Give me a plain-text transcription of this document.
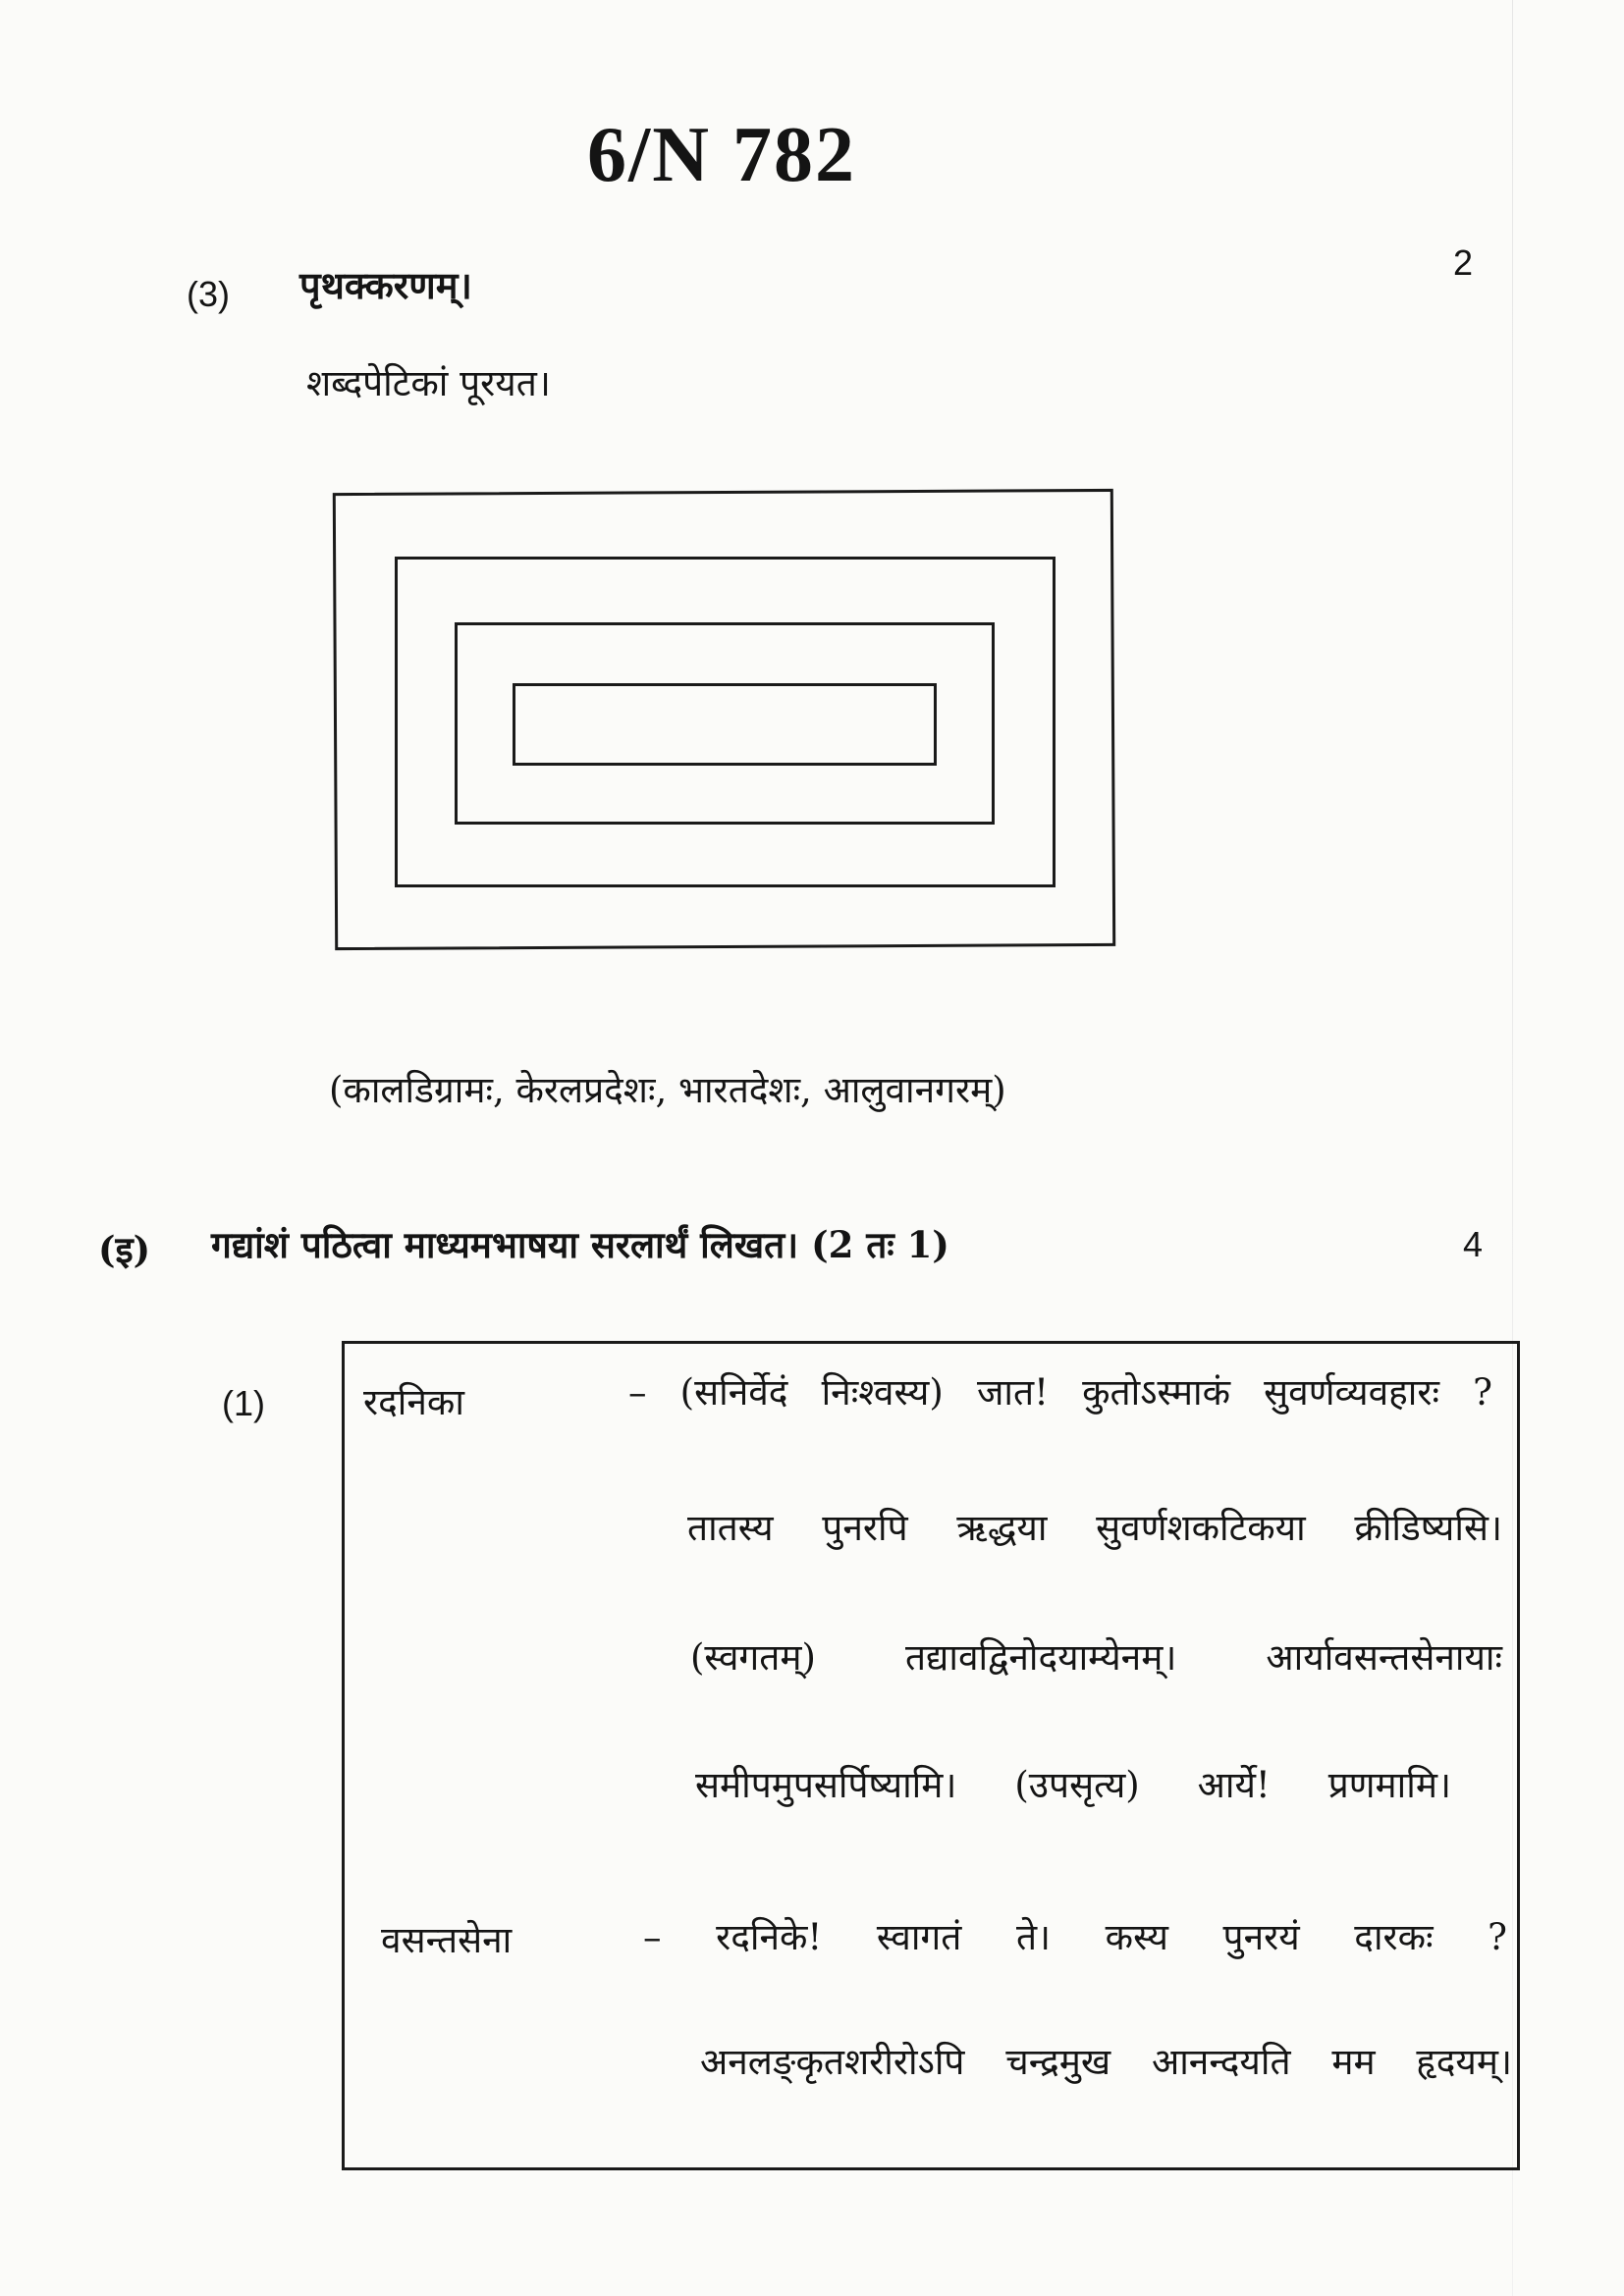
6/N 782
(3) पृथक्करणम्।
2
शब्दपेटिकां पूरयत।
(कालडिग्रामः, केरलप्रदेशः, भारतदेशः, आलुवानगरम्)
(इ) गद्यांशं पठित्वा माध्यमभाषया सरलार्थं लिखत। (2 तः 1)	4
(1)	रदनिका	– (सनिर्वेदं निःश्वस्य) जात! कुतोऽस्माकं सुवर्णव्यवहारः ?
तातस्य पुनरपि ऋद्धया सुवर्णशकटिकया क्रीडिष्यसि।
(स्वगतम्) तद्यावद्विनोदयाम्येनम्। आर्यावसन्तसेनायाः
समीपमुपसर्पिष्यामि। (उपसृत्य) आर्ये! प्रणमामि।
वसन्तसेना	– रदनिके! स्वागतं ते। कस्य पुनरयं दारकः ?
अनलङ्कृतशरीरोऽपि चन्द्रमुख आनन्दयति मम हृदयम्।
